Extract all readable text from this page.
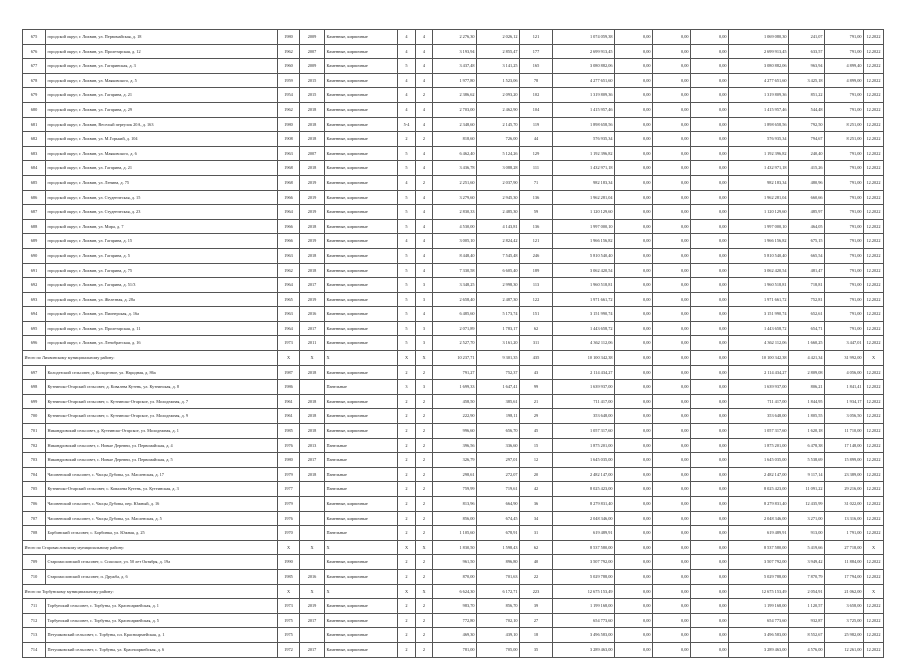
675	городской округ, г. Лихвин, ул. Первомайская, д. 18	1980	2009	Каменные, кирпичные	4	4	2 276,30	2 026,12	121	1 074 059,38	0,00	0,00	0,00	1 069 080,30	241,07	791,00	12.2022
676	городской округ, г. Лихвин, ул. Пролетарская, д. 12	1962	2007	Каменные, кирпичные	4	4	3 193,94	2 855,47	177	2 699 913,45	0,00	0,00	0,00	2 699 913,45	633,57	791,00	12.2022
677	городской округ, г. Лихвин, ул. Гагаринская, д. 3	1960	2009	Каменные, кирпичные	5	4	3 437,48	3 141,25	165	3 080 882,06	0,00	0,00	0,00	3 080 882,06	963,94	4 899,40	12.2022
678	городской округ, г. Лихвин, ул. Маяковского, д. 5	1959	2015	Каменные, кирпичные	4	4	1 977,80	1 523,06	78	4 277 651,60	0,00	0,00	0,00	4 277 651,60	3 425,18	4 899,00	12.2022
679	городской округ, г. Лихвин, ул. Гагарина, д. 21	1954	2015	Каменные, кирпичные	4	2	2 386,62	2 093,20	102	1 319 809,36	0,00	0,00	0,00	1 319 809,36	851,22	791,00	12.2022
680	городской округ, г. Лихвин, ул. Гагарина, д. 29	1962	2018	Каменные, кирпичные	4	4	2 703,00	2 462,90	104	1 415 957,46	0,00	0,00	0,00	1 415 957,46	544,48	791,00	12.2022
681	городской округ, г. Лихвин, Веселый переулок 20А, д. 163	1980	2018	Каменные, кирпичные	5-4	4	2 348,60	2 145,70	119	1 898 658,56	0,00	0,00	0,00	1 898 658,56	792,50	8 251,00	12.2022
682	городской округ, г. Лихвин, ул. М.Горький, д. 104	1908	2018	Каменные, кирпичные	2	2	818,60	726,00	44	576 935,34	0,00	0,00	0,00	576 935,34	794,67	8 251,00	12.2022
683	городской округ, г. Лихвин, ул. Маяковского, д. 6	1963	2007	Каменные, кирпичные	5	4	6 462,40	5 124,26	129	1 192 396,82	0,00	0,00	0,00	1 192 396,82	240,40	791,00	12.2022
684	городской округ, г. Лихвин, ул. Гагарина, д. 21	1968	2018	Каменные, кирпичные	5	4	3 436,78	3 088,28	111	1 432 971,18	0,00	0,00	0,00	1 432 971,18	415,26	791,00	12.2022
685	городской округ, г. Лихвин, ул. Ленина, д. 75	1968	2019	Каменные, кирпичные	4	2	2 251,60	2 037,90	71	982 183,34	0,00	0,00	0,00	982 183,34	480,96	791,00	12.2022
686	городской округ, г. Лихвин, ул. Студенческая, д. 15	1966	2019	Каменные, кирпичные	5	4	3 279,60	2 945,30	136	1 962 281,04	0,00	0,00	0,00	1 962 281,04	660,66	791,00	12.2022
687	городской округ, г. Лихвин, ул. Студенческая, д. 23	1964	2019	Каменные, кирпичные	5	4	2 830,33	2 485,30	59	1 120 129,60	0,00	0,00	0,00	1 120 129,60	485,97	791,00	12.2022
688	городской округ, г. Лихвин, ул. Мира, д. 7	1966	2018	Каменные, кирпичные	5	4	4 530,00	4 143,81	136	1 997 000,10	0,00	0,00	0,00	1 997 000,10	464,05	791,00	12.2022
689	городской округ, г. Лихвин, ул. Гагарина, д. 15	1966	2019	Каменные, кирпичные	4	4	3 005,10	2 824,42	121	1 966 156,82	0,00	0,00	0,00	1 966 156,82	675,15	791,00	12.2022
690	городской округ, г. Лихвин, ул. Гагарина, д. 5	1963	2018	Каменные, кирпичные	5	4	8 448,40	7 545,48	246	5 810 540,40	0,00	0,00	0,00	5 810 540,40	665,54	791,00	12.2022
691	городской округ, г. Лихвин, ул. Гагарина, д. 75	1962	2018	Каменные, кирпичные	5	4	7 330,58	6 605,40	189	3 062 420,54	0,00	0,00	0,00	3 062 420,54	481,47	791,00	12.2022
692	городской округ, г. Лихвин, ул. Гагарина, д. 51/3	1964	2017	Каменные, кирпичные	5	3	3 348,25	2 998,30	113	1 960 518,81	0,00	0,00	0,00	1 960 518,81	718,81	791,00	12.2022
693	городской округ, г. Лихвин, ул. Железная, д. 28а	1965	2019	Каменные, кирпичные	5	3	2 658,40	2 487,30	122	1 971 661,72	0,00	0,00	0,00	1 971 661,72	752,81	791,00	12.2022
694	городской округ, г. Лихвин, ул. Пионерская, д. 16а	1963	2016	Каменные, кирпичные	5	4	6 485,60	5 173,74	151	3 151 990,74	0,00	0,00	0,00	3 151 990,74	652,61	791,00	12.2022
695	городской округ, г. Лихвин, ул. Пролетарская, д. 11	1964	2017	Каменные, кирпичные	5	3	2 071,89	1 783,17	62	1 443 658,72	0,00	0,00	0,00	1 443 658,72	654,71	791,00	12.2022
696	городской округ, г. Лихвин, ул. Ленобратская, д. 16	1973	2011	Каменные, кирпичные	5	3	2 527,70	3 161,20	311	4 362 112,06	0,00	0,00	0,00	4 362 112,06	1 660,25	3 447,01	12.2022
Итого по Лихвинскому муниципальному району:		X	X	X	X	X	10 237,71	9 301,35	435	10 100 342,38	0,00	0,00	0,00	10 100 342,38	4 421,34	31 992,00	X
697	Колодезский сельсовет, д. Колодезное, ул. Народная, д. 86а	1987	2018	Каменные, кирпичные	2	2	791,27	752,37	43	2 114 434,27	0,00	0,00	0,00	2 114 434,27	2 809,08	4 056,00	12.2022
698	Кутеинско-Отарский сельсовет, д. Ковалева Кутень, ул. Кутеинская, д. 8	1986		Панельные	3	3	1 699,33	1 647,41	99	1 639 937,00	0,00	0,00	0,00	1 639 937,00	806,21	1 841,41	12.2022
699	Кутеинско-Отарский сельсовет, с. Кутеинско-Отарское, ул. Молодежная, д. 7	1961	2018	Каменные, кирпичные	2	2	458,50	385,61	21	711 417,00	0,00	0,00	0,00	711 417,00	1 844,95	1 934,17	12.2022
700	Кутеинско-Отарский сельсовет, с. Кутеинско-Отарское, ул. Молодежная, д. 9	1961	2018	Каменные, кирпичные	2	2	222,90	198,11	29	353 648,00	0,00	0,00	0,00	353 648,00	1 805,55	3 056,50	12.2022
701	Никандровский сельсовет, д. Кутеинско-Отарское, ул. Молодежная, д. 1	1985	2018	Каменные, кирпичные	2	2	996,60	656,70	45	1 057 317,60	0,00	0,00	0,00	1 057 317,60	1 620,18	11 710,00	12.2022
702	Никандровский сельсовет, с. Новые Деревни, ул. Первомайская, д. 4	1976	2013	Панельные	2	2	396,56	336,60	15	1 875 201,00	0,00	0,00	0,00	1 875 201,00	6 478,38	17 148,00	12.2022
703	Никандровский сельсовет, с. Новые Деревни, ул. Первомайская, д. 5	1980	2017	Панельные	2	2	326,79	297,01	12	1 645 035,00	0,00	0,00	0,00	1 645 035,00	5 538,69	15 899,00	12.2022
704	Часовенский сельсовет, с. Часцы Дубовы, ул. Масленская, д. 17	1979	2018	Панельные	2	2	298,61	272,07	20	2 482 147,00	0,00	0,00	0,00	2 482 147,00	9 117,14	23 389,00	12.2022
705	Кутеинско-Отарский сельсовет, с. Ковалева Кутень, ул. Кутеинская, д. 3	1977		Панельные	2	2	759,99	719,61	42	8 025 423,00	0,00	0,00	0,00	8 025 423,00	11 091,22	29 216,00	12.2022
706	Часовенский сельсовет, с. Часцы Дубовы, пер. Южный, д. 16	1979		Каменные, кирпичные	2	2	813,96	664,90	36	8 279 831,40	0,00	0,00	0,00	8 279 831,40	12 435,99	31 022,00	12.2022
707	Часовенский сельсовет, с. Часцы Дубовы, ул. Масленская, д. 5	1976		Каменные, кирпичные	2	2	856,00	674,45	34	2 048 346,00	0,00	0,00	0,00	2 048 346,00	3 271,00	13 316,00	12.2022
708	Борбинский сельсовет, с. Борбинка, ул. Южная, д. 25	1970		Панельные	2	2	1 105,60	678,91	31	619 489,91	0,00	0,00	0,00	619 489,91	913,00	1 791,00	12.2022
Итого по Старомасловскому муниципальному району:		X	X	X	X	X	1 830,50	1 598,43	62	8 537 580,00	0,00	0,00	0,00	8 537 580,00	5 419,66	27 718,00	X
709	Старомасловский сельсовет, с. Спасское, ул. 50 лет Октября, д. 19а	1990		Каменные, кирпичные	2	2	961,50	896,80	40	3 507 792,00	0,00	0,00	0,00	3 507 792,00	3 949,42	11 884,00	12.2022
710	Старомасловский сельсовет, п. Дружба, д. 6	1985	2016	Каменные, кирпичные	2	2	870,00	701,63	22	5 029 788,00	0,00	0,00	0,00	5 029 788,00	7 870,79	17 794,00	12.2022
Итого по Торбунскому муниципальному району:		X	X	X	X	X	6 624,30	6 172,71	223	12 675 153,49	0,00	0,00	0,00	12 675 153,49	2 054,91	21 062,00	X
711	Торбунский сельсовет, с. Торбуны, ул. Красноармейская, д. 1	1973	2019	Каменные, кирпичные	2	2	983,70	856,70	39	1 199 168,00	0,00	0,00	0,00	1 199 168,00	1 120,57	3 658,00	12.2022
712	Торбунский сельсовет, с. Торбуны, ул. Красноармейская, д. 5	1975	2017	Каменные, кирпичные	2	2	772,80	702,10	27	654 773,60	0,00	0,00	0,00	654 773,60	932,87	3 725,00	12.2022
713	Петушковский сельсовет, с. Торбуны, пл. Красноармейская, д. 1	1975		Каменные, кирпичные	2	2	469,30	439,10	18	3 496 583,00	0,00	0,00	0,00	3 496 583,00	8 552,67	25 982,00	12.2022
714	Петушковский сельсовет, с. Торбуны, ул. Красноармейская, д. 6	1972	2017	Каменные, кирпичные	2	2	781,00	705,00	35	3 289 463,00	0,00	0,00	0,00	3 289 463,00	4 576,00	12 261,00	12.2022
